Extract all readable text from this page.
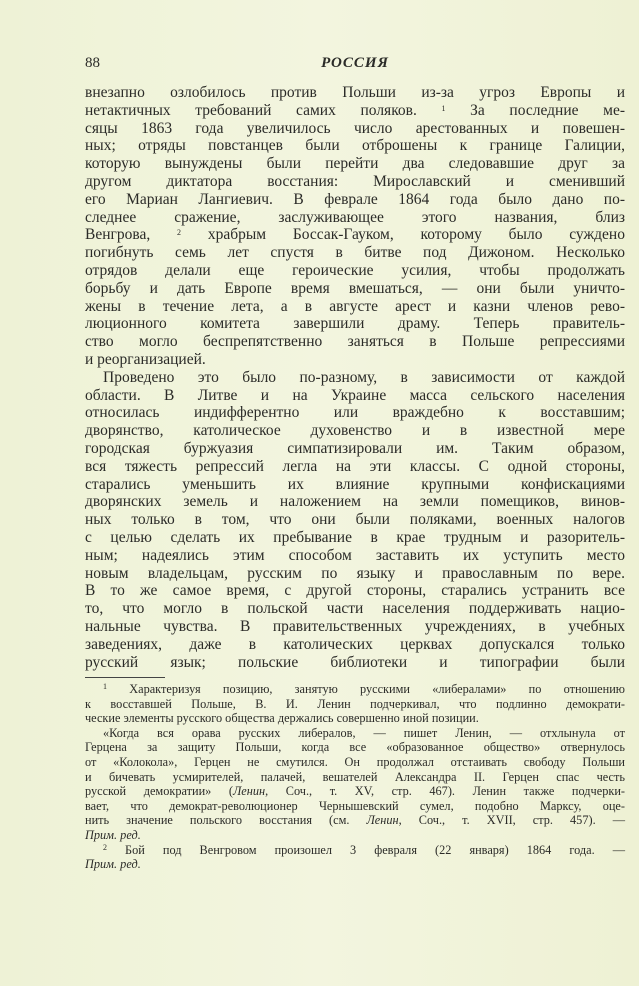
88	РОССИЯ
внезапно озлобилось против Польши из-за угроз Европы и
нетактичных требований самих поляков. $^1$ За последние ме-
сяцы 1863 года увеличилось число арестованных и повешен-
ных; отряды повстанцев были отброшены к границе Галиции,
которую вынуждены были перейти два следовавшие друг за
другом диктатора восстания: Мирославский и сменивший
его Мариан Лангиевич. В феврале 1864 года было дано по-
следнее сражение, заслуживающее этого названия, близ
Венгрова, $^2$ храбрым Боссак-Гауком, которому было суждено
погибнуть семь лет спустя в битве под Дижоном. Несколько
отрядов делали еще героические усилия, чтобы продолжать
борьбу и дать Европе время вмешаться, — они были уничто-
жены в течение лета, а в августе арест и казни членов рево-
люционного комитета завершили драму. Теперь правитель-
ство могло беспрепятственно заняться в Польше репрессиями
и реорганизацией.
Проведено это было по-разному, в зависимости от каждой
области. В Литве и на Украине масса сельского населения
относилась индифферентно или враждебно к восставшим;
дворянство, католическое духовенство и в известной мере
городская буржуазия симпатизировали им. Таким образом,
вся тяжесть репрессий легла на эти классы. С одной стороны,
старались уменьшить их влияние крупными конфискациями
дворянских земель и наложением на земли помещиков, винов-
ных только в том, что они были поляками, военных налогов
с целью сделать их пребывание в крае трудным и разоритель-
ным; надеялись этим способом заставить их уступить место
новым владельцам, русским по языку и православным по вере.
В то же самое время, с другой стороны, старались устранить все
то, что могло в польской части населения поддерживать нацио-
нальные чувства. В правительственных учреждениях, в учебных
заведениях, даже в католических церквах допускался только
русский язык; польские библиотеки и типографии были
$^1$ Характеризуя позицию, занятую русскими «либералами» по отношению
к восставшей Польше, В. И. Ленин подчеркивал, что подлинно демократи-
ческие элементы русского общества держались совершенно иной позиции.
«Когда вся орава русских либералов, — пишет Ленин, — отхлынула от
Герцена за защиту Польши, когда все «образованное общество» отвернулось
от «Колокола», Герцен не смутился. Он продолжал отстаивать свободу Польши
и бичевать усмирителей, палачей, вешателей Александра II. Герцен спас честь
русской демократии» (Ленин, Соч., т. XV, стр. 467). Ленин также подчерки-
вает, что демократ-революционер Чернышевский сумел, подобно Марксу, оце-
нить значение польского восстания (см. Ленин, Соч., т. XVII, стр. 457). —
Прим. ред.
$^2$ Бой под Венгровом произошел 3 февраля (22 января) 1864 года. —
Прим. ред.
